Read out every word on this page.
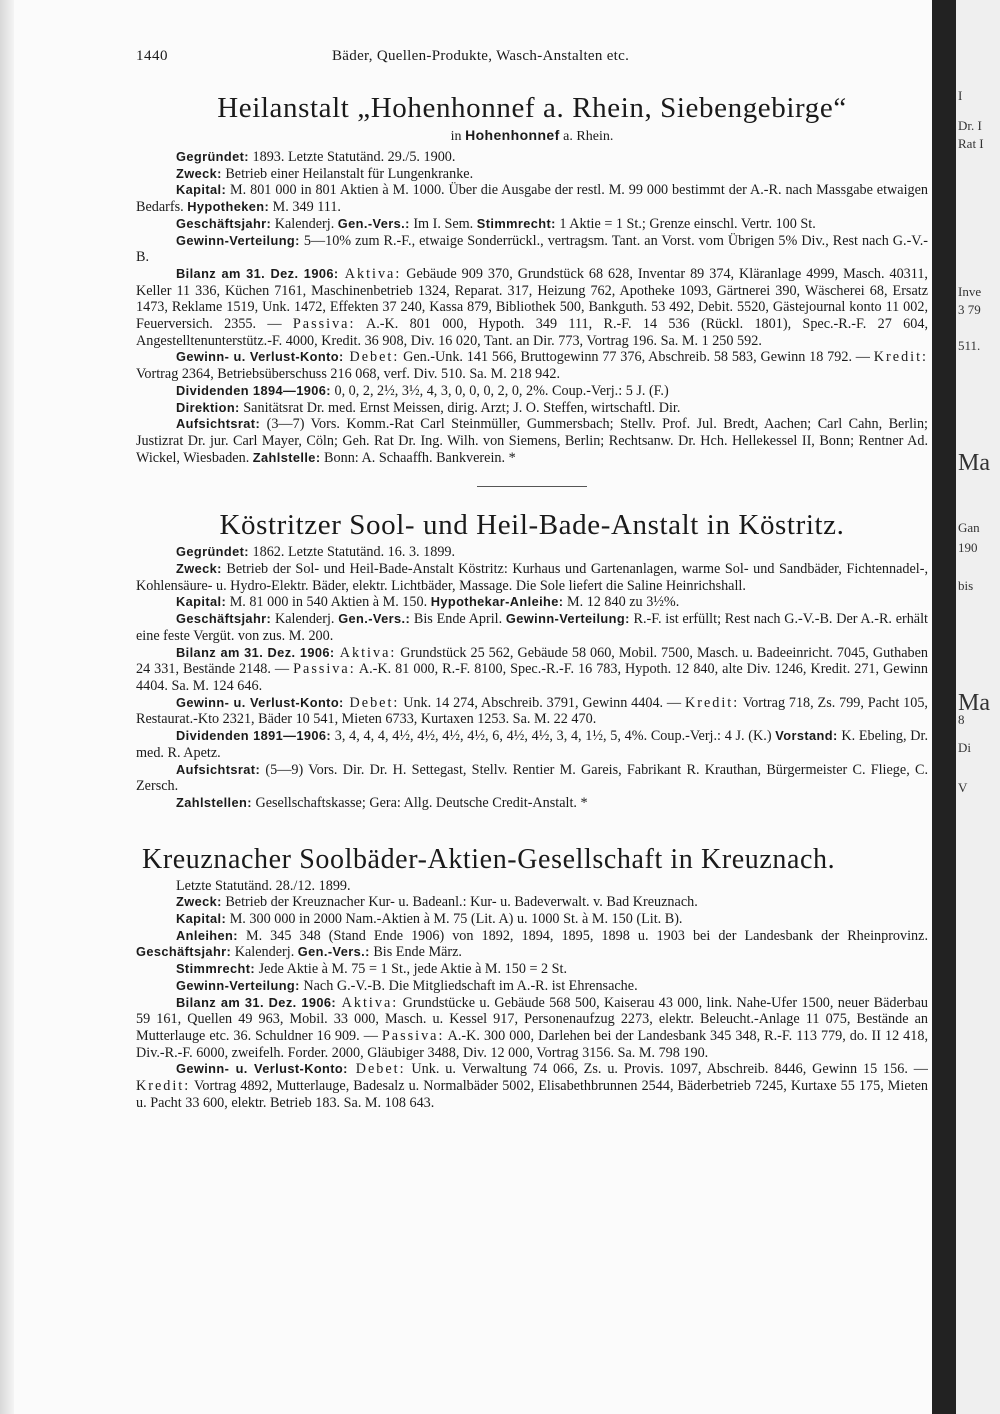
1440	Bäder, Quellen-Produkte, Wasch-Anstalten etc.
Heilanstalt „Hohenhonnef a. Rhein, Siebengebirge“
in Hohenhonnef a. Rhein.

Gegründet: 1893. Letzte Statutänd. 29./5. 1900.

Zweck: Betrieb einer Heilanstalt für Lungenkranke.

Kapital: M. 801 000 in 801 Aktien à M. 1000. Über die Ausgabe der restl. M. 99 000 bestimmt der A.-R. nach Massgabe etwaigen Bedarfs. Hypotheken: M. 349 111.

Geschäftsjahr: Kalenderj. Gen.-Vers.: Im I. Sem. Stimmrecht: 1 Aktie = 1 St.; Grenze einschl. Vertr. 100 St.

Gewinn-Verteilung: 5—10% zum R.-F., etwaige Sonderrückl., vertragsm. Tant. an Vorst. vom Übrigen 5% Div., Rest nach G.-V.-B.

Bilanz am 31. Dez. 1906: Aktiva: Gebäude 909 370, Grundstück 68 628, Inventar 89 374, Kläranlage 4999, Masch. 40311, Keller 11 336, Küchen 7161, Maschinenbetrieb 1324, Reparat. 317, Heizung 762, Apotheke 1093, Gärtnerei 390, Wäscherei 68, Ersatz 1473, Reklame 1519, Unk. 1472, Effekten 37 240, Kassa 879, Bibliothek 500, Bankguth. 53 492, Debit. 5520, Gästejournal konto 11 002, Feuerversich. 2355. — Passiva: A.-K. 801 000, Hypoth. 349 111, R.-F. 14 536 (Rückl. 1801), Spec.-R.-F. 27 604, Angestelltenunterstütz.-F. 4000, Kredit. 36 908, Div. 16 020, Tant. an Dir. 773, Vortrag 196. Sa. M. 1 250 592.

Gewinn- u. Verlust-Konto: Debet: Gen.-Unk. 141 566, Bruttogewinn 77 376, Abschreib. 58 583, Gewinn 18 792. — Kredit: Vortrag 2364, Betriebsüberschuss 216 068, verf. Div. 510. Sa. M. 218 942.

Dividenden 1894—1906: 0, 0, 2, 2½, 3½, 4, 3, 0, 0, 0, 2, 0, 2%. Coup.-Verj.: 5 J. (F.)

Direktion: Sanitätsrat Dr. med. Ernst Meissen, dirig. Arzt; J. O. Steffen, wirtschaftl. Dir.

Aufsichtsrat: (3—7) Vors. Komm.-Rat Carl Steinmüller, Gummersbach; Stellv. Prof. Jul. Bredt, Aachen; Carl Cahn, Berlin; Justizrat Dr. jur. Carl Mayer, Cöln; Geh. Rat Dr. Ing. Wilh. von Siemens, Berlin; Rechtsanw. Dr. Hch. Hellekessel II, Bonn; Rentner Ad. Wickel, Wiesbaden. Zahlstelle: Bonn: A. Schaaffh. Bankverein. *

Köstritzer Sool- und Heil-Bade-Anstalt in Köstritz.

Gegründet: 1862. Letzte Statutänd. 16. 3. 1899.

Zweck: Betrieb der Sol- und Heil-Bade-Anstalt Köstritz: Kurhaus und Gartenanlagen, warme Sol- und Sandbäder, Fichtennadel-, Kohlensäure- u. Hydro-Elektr. Bäder, elektr. Lichtbäder, Massage. Die Sole liefert die Saline Heinrichshall.

Kapital: M. 81 000 in 540 Aktien à M. 150. Hypothekar-Anleihe: M. 12 840 zu 3½%.

Geschäftsjahr: Kalenderj. Gen.-Vers.: Bis Ende April. Gewinn-Verteilung: R.-F. ist erfüllt; Rest nach G.-V.-B. Der A.-R. erhält eine feste Vergüt. von zus. M. 200.

Bilanz am 31. Dez. 1906: Aktiva: Grundstück 25 562, Gebäude 58 060, Mobil. 7500, Masch. u. Badeeinricht. 7045, Guthaben 24 331, Bestände 2148. — Passiva: A.-K. 81 000, R.-F. 8100, Spec.-R.-F. 16 783, Hypoth. 12 840, alte Div. 1246, Kredit. 271, Gewinn 4404. Sa. M. 124 646.

Gewinn- u. Verlust-Konto: Debet: Unk. 14 274, Abschreib. 3791, Gewinn 4404. — Kredit: Vortrag 718, Zs. 799, Pacht 105, Restaurat.-Kto 2321, Bäder 10 541, Mieten 6733, Kurtaxen 1253. Sa. M. 22 470.

Dividenden 1891—1906: 3, 4, 4, 4, 4½, 4½, 4½, 4½, 6, 4½, 4½, 3, 4, 1½, 5, 4%. Coup.-Verj.: 4 J. (K.) Vorstand: K. Ebeling, Dr. med. R. Apetz.

Aufsichtsrat: (5—9) Vors. Dir. Dr. H. Settegast, Stellv. Rentier M. Gareis, Fabrikant R. Krauthan, Bürgermeister C. Fliege, C. Zersch.

Zahlstellen: Gesellschaftskasse; Gera: Allg. Deutsche Credit-Anstalt. *

Kreuznacher Soolbäder-Aktien-Gesellschaft in Kreuznach.

Letzte Statutänd. 28./12. 1899.

Zweck: Betrieb der Kreuznacher Kur- u. Badeanl.: Kur- u. Badeverwalt. v. Bad Kreuznach.

Kapital: M. 300 000 in 2000 Nam.-Aktien à M. 75 (Lit. A) u. 1000 St. à M. 150 (Lit. B).

Anleihen: M. 345 348 (Stand Ende 1906) von 1892, 1894, 1895, 1898 u. 1903 bei der Landesbank der Rheinprovinz. Geschäftsjahr: Kalenderj. Gen.-Vers.: Bis Ende März.

Stimmrecht: Jede Aktie à M. 75 = 1 St., jede Aktie à M. 150 = 2 St.

Gewinn-Verteilung: Nach G.-V.-B. Die Mitgliedschaft im A.-R. ist Ehrensache.

Bilanz am 31. Dez. 1906: Aktiva: Grundstücke u. Gebäude 568 500, Kaiserau 43 000, link. Nahe-Ufer 1500, neuer Bäderbau 59 161, Quellen 49 963, Mobil. 33 000, Masch. u. Kessel 917, Personenaufzug 2273, elektr. Beleucht.-Anlage 11 075, Bestände an Mutterlauge etc. 36. Schuldner 16 909. — Passiva: A.-K. 300 000, Darlehen bei der Landesbank 345 348, R.-F. 113 779, do. II 12 418, Div.-R.-F. 6000, zweifelh. Forder. 2000, Gläubiger 3488, Div. 12 000, Vortrag 3156. Sa. M. 798 190.

Gewinn- u. Verlust-Konto: Debet: Unk. u. Verwaltung 74 066, Zs. u. Provis. 1097, Abschreib. 8446, Gewinn 15 156. — Kredit: Vortrag 4892, Mutterlauge, Badesalz u. Normalbäder 5002, Elisabethbrunnen 2544, Bäderbetrieb 7245, Kurtaxe 55 175, Mieten u. Pacht 33 600, elektr. Betrieb 183. Sa. M. 108 643.

I
Dr. I
Rat I
Inve
3 79
511.
Ma
Gan
190
bis
Ma
8
Di
V
